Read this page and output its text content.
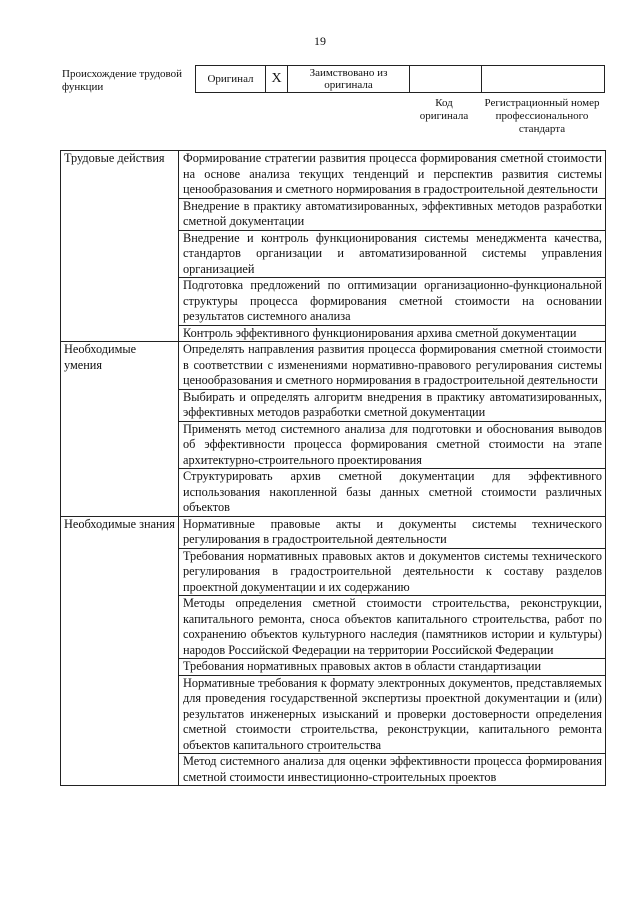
19
Происхождение трудовой функции
Оригинал	X	Заимствовано из оригинала		
Код оригинала
Регистрационный номер профессионального стандарта
Трудовые действия	Формирование стратегии развития процесса формирования сметной стоимости на основе анализа текущих тенденций и перспектив развития системы ценообразования и сметного нормирования в градостроительной деятельности
	Внедрение в практику автоматизированных, эффективных методов разработки сметной документации
	Внедрение и контроль функционирования системы менеджмента качества, стандартов организации и автоматизированной системы управления организацией
	Подготовка предложений по оптимизации организационно-функциональной структуры процесса формирования сметной стоимости на основании результатов системного анализа
	Контроль эффективного функционирования архива сметной документации
Необходимые умения	Определять направления развития процесса формирования сметной стоимости в соответствии с изменениями нормативно-правового регулирования системы ценообразования и сметного нормирования в градостроительной деятельности
	Выбирать и определять алгоритм внедрения в практику автоматизированных, эффективных методов разработки сметной документации
	Применять метод системного анализа для подготовки и обоснования выводов об эффективности процесса формирования сметной стоимости на этапе архитектурно-строительного проектирования
	Структурировать архив сметной документации для эффективного использования накопленной базы данных сметной стоимости различных объектов
Необходимые знания	Нормативные правовые акты и документы системы технического регулирования в градостроительной деятельности
	Требования нормативных правовых актов и документов системы технического регулирования в градостроительной деятельности к составу разделов проектной документации и их содержанию
	Методы определения сметной стоимости строительства, реконструкции, капитального ремонта, сноса объектов капитального строительства, работ по сохранению объектов культурного наследия (памятников истории и культуры) народов Российской Федерации на территории Российской Федерации
	Требования нормативных правовых актов в области стандартизации
	Нормативные требования к формату электронных документов, представляемых для проведения государственной экспертизы проектной документации и (или) результатов инженерных изысканий и проверки достоверности определения сметной стоимости строительства, реконструкции, капитального ремонта объектов капитального строительства
	Метод системного анализа для оценки эффективности процесса формирования сметной стоимости инвестиционно-строительных проектов
